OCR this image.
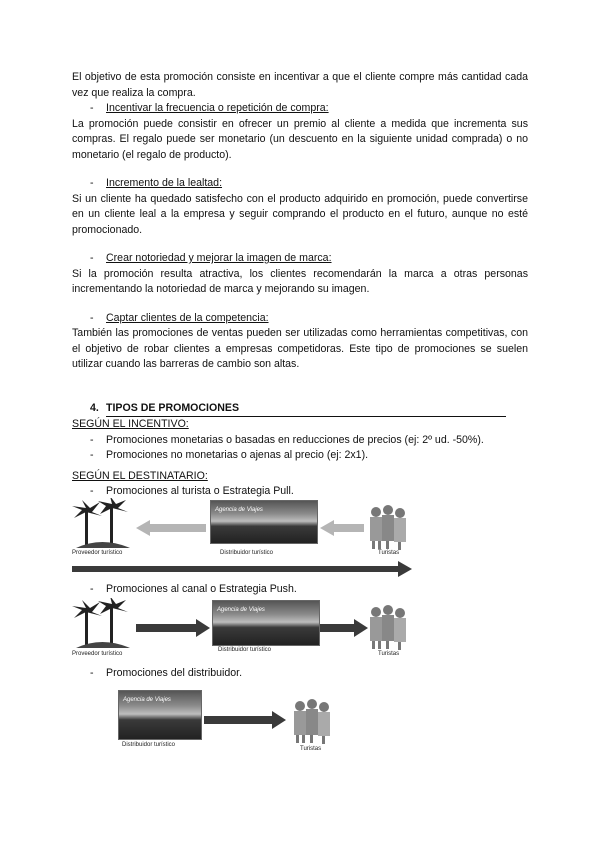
El objetivo de esta promoción consiste en incentivar a que el cliente compre más cantidad cada vez que realiza la compra.

-	Incentivar la frecuencia o repetición de compra:

La promoción puede consistir en ofrecer un premio al cliente a medida que incrementa sus compras. El regalo puede ser monetario (un descuento en la siguiente unidad comprada) o no monetario (el regalo de producto).

-	Incremento de la lealtad:

Si un cliente ha quedado satisfecho con el producto adquirido en promoción, puede convertirse en un cliente leal a la empresa y seguir comprando el producto en el futuro, aunque no esté promocionado.

-	Crear notoriedad y mejorar la imagen de marca:

Si la promoción resulta atractiva, los clientes recomendarán la marca a otras personas incrementando la notoriedad de marca y mejorando su imagen.

-	Captar clientes de la competencia:

También las promociones de ventas pueden ser utilizadas como herramientas competitivas, con el objetivo de robar clientes a empresas competidoras. Este tipo de promociones se suelen utilizar cuando las barreras de cambio son altas.

4. TIPOS DE PROMOCIONES
SEGÚN EL INCENTIVO:
-	Promociones monetarias o basadas en reducciones de precios (ej: 2º ud. -50%).
-	Promociones no monetarias o ajenas al precio (ej: 2x1).
SEGÚN EL DESTINATARIO:
-	Promociones al turista o Estrategia Pull.
Agencia de Viajes
Proveedor turístico	Distribuidor turístico	Turistas
-	Promociones al canal o Estrategia Push.
Agencia de Viajes
Proveedor turístico
Distribuidor turístico
Turistas
-	Promociones del distribuidor.
Agencia de Viajes
Distribuidor turístico
Turistas
